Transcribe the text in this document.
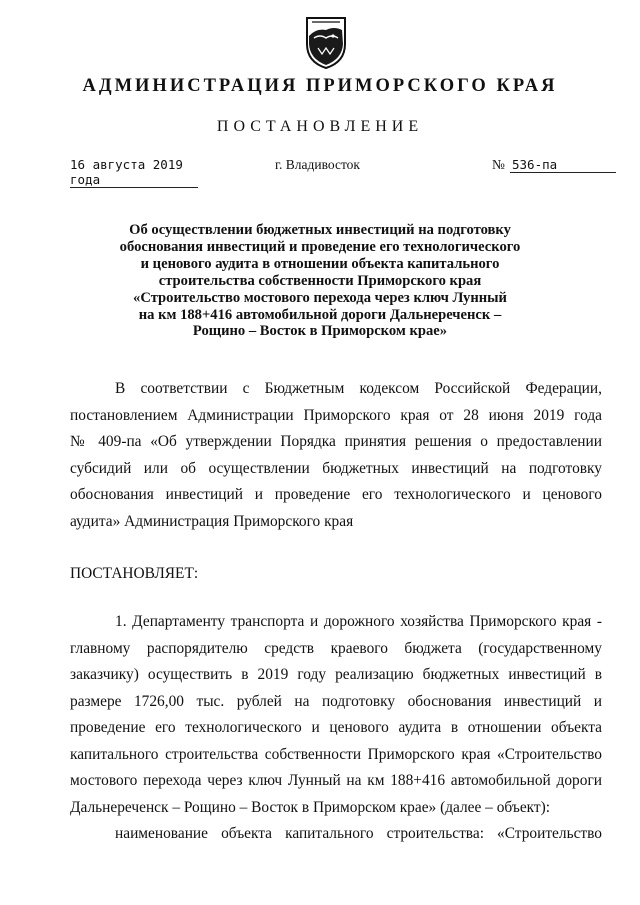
АДМИНИСТРАЦИЯ ПРИМОРСКОГО КРАЯ
ПОСТАНОВЛЕНИЕ
16 августа 2019 года
г. Владивосток	№ 536-па
Об осуществлении бюджетных инвестиций на подготовку
обоснования инвестиций и проведение его технологического
и ценового аудита в отношении объекта капитального
строительства собственности Приморского края
«Строительство мостового перехода через ключ Лунный
на км 188+416 автомобильной дороги Дальнереченск –
Рощино – Восток в Приморском крае»
В соответствии с Бюджетным кодексом Российской Федерации,
постановлением Администрации Приморского края от 28 июня 2019 года
№ 409-па «Об утверждении Порядка принятия решения о предоставлении
субсидий или об осуществлении бюджетных инвестиций на подготовку
обоснования инвестиций и проведение его технологического и ценового
аудита» Администрация Приморского края
ПОСТАНОВЛЯЕТ:
1. Департаменту транспорта и дорожного хозяйства Приморского края -
главному распорядителю средств краевого бюджета (государственному
заказчику) осуществить в 2019 году реализацию бюджетных инвестиций в
размере 1726,00 тыс. рублей на подготовку обоснования инвестиций и
проведение его технологического и ценового аудита в отношении объекта
капитального строительства собственности Приморского края «Строительство
мостового перехода через ключ Лунный на км 188+416 автомобильной дороги
Дальнереченск – Рощино – Восток в Приморском крае» (далее – объект):
наименование объекта капитального строительства: «Строительство
